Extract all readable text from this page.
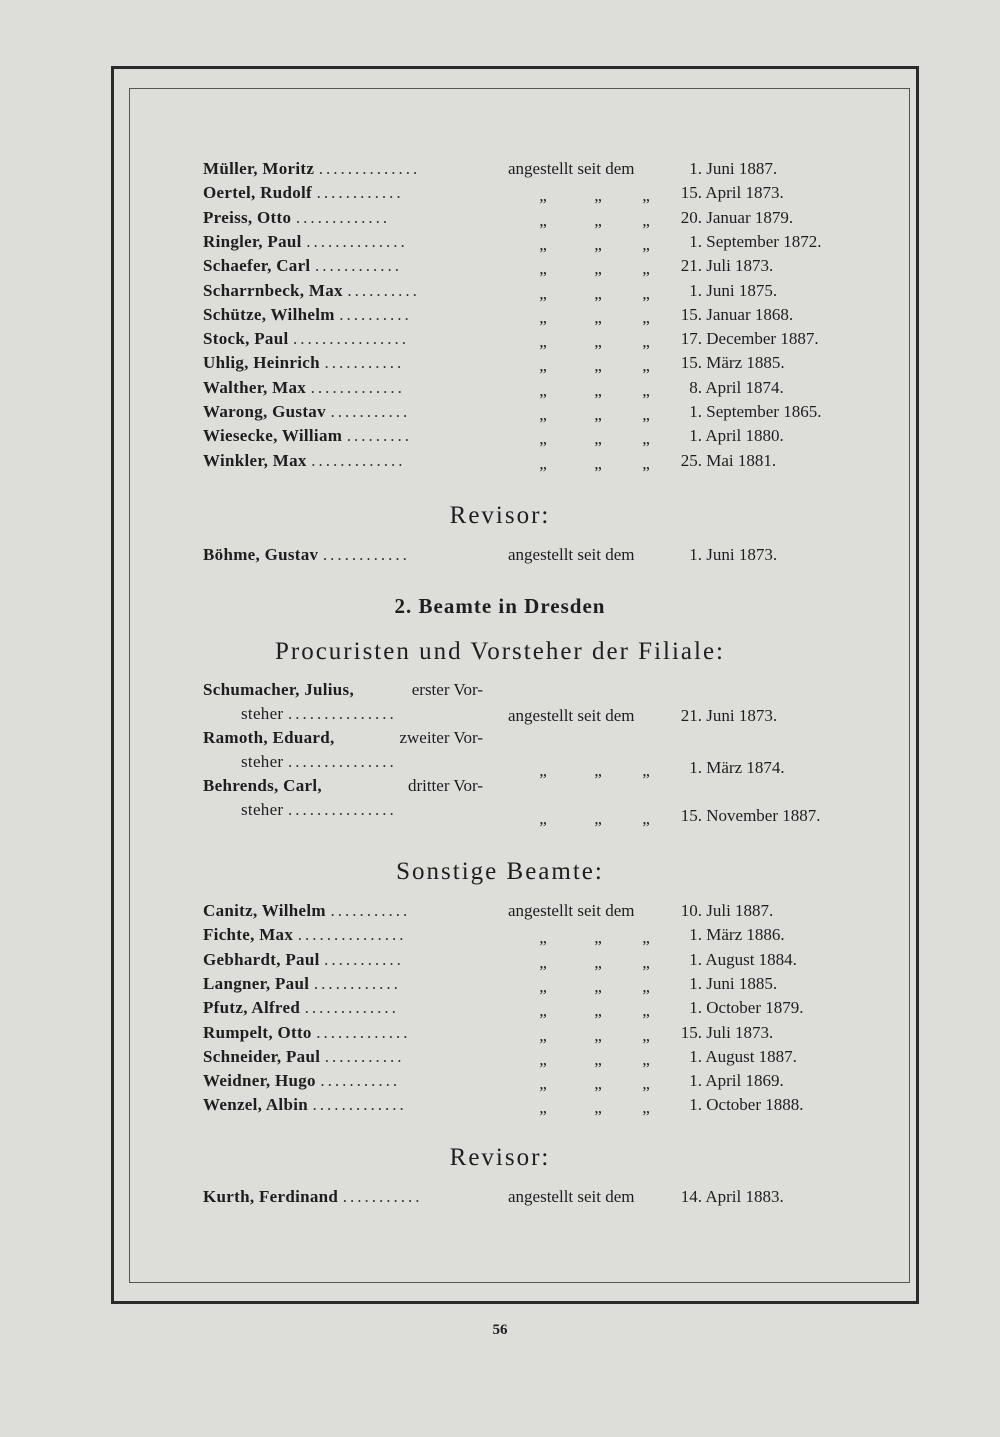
Müller, Moritz ..............	angestellt seit dem	1. Juni 1887.
Oertel, Rudolf ............	„	„	„	15. April 1873.
Preiss, Otto .............	„	„	„	20. Januar 1879.
Ringler, Paul ..............	„	„	„	1. September 1872.
Schaefer, Carl ............	„	„	„	21. Juli 1873.
Scharrnbeck, Max ..........	„	„	„	1. Juni 1875.
Schütze, Wilhelm ..........	„	„	„	15. Januar 1868.
Stock, Paul ................	„	„	„	17. December 1887.
Uhlig, Heinrich ...........	„	„	„	15. März 1885.
Walther, Max .............	„	„	„	8. April 1874.
Warong, Gustav ...........	„	„	„	1. September 1865.
Wiesecke, William .........	„	„	„	1. April 1880.
Winkler, Max .............	„	„	„	25. Mai 1881.
Revisor:
Böhme, Gustav ............	angestellt seit dem	1. Juni 1873.
2. Beamte in Dresden
Procuristen und Vorsteher der Filiale:
Schumacher, Julius,	erster Vor-
steher ...............	angestellt seit dem	21. Juni 1873.
Ramoth, Eduard,	zweiter Vor-
steher ...............	„	„	„	1. März 1874.
Behrends, Carl,	dritter Vor-
steher ...............	„	„	„	15. November 1887.
Sonstige Beamte:
Canitz, Wilhelm ...........	angestellt seit dem	10. Juli 1887.
Fichte, Max ...............	„	„	„	1. März 1886.
Gebhardt, Paul ...........	„	„	„	1. August 1884.
Langner, Paul ............	„	„	„	1. Juni 1885.
Pfutz, Alfred .............	„	„	„	1. October 1879.
Rumpelt, Otto .............	„	„	„	15. Juli 1873.
Schneider, Paul ...........	„	„	„	1. August 1887.
Weidner, Hugo ...........	„	„	„	1. April 1869.
Wenzel, Albin .............	„	„	„	1. October 1888.
Revisor:
Kurth, Ferdinand ...........	angestellt seit dem	14. April 1883.
56
